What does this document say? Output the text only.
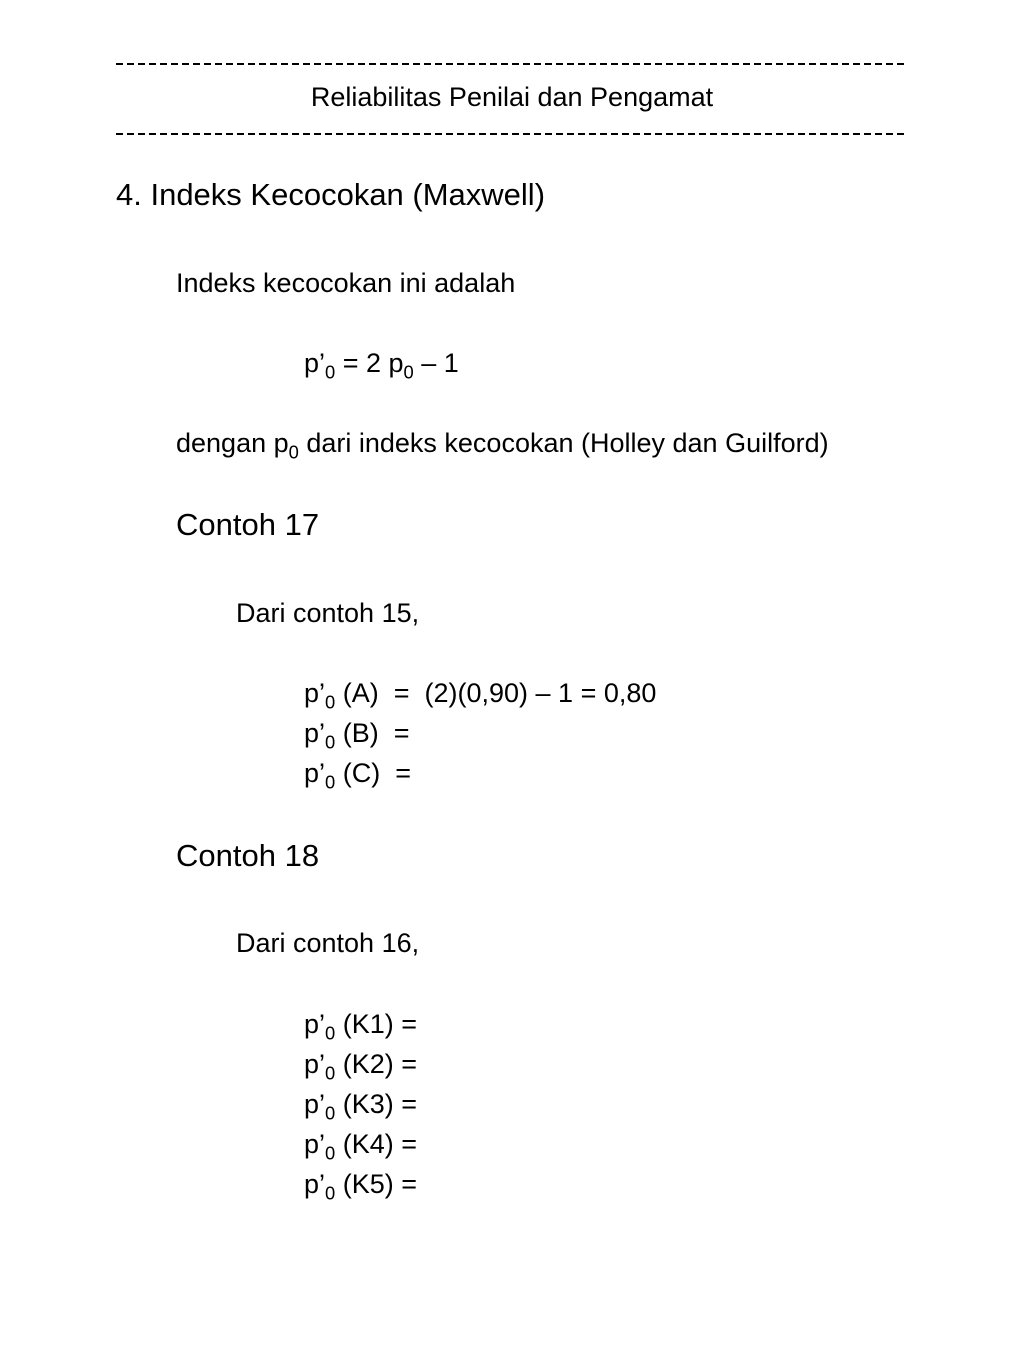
Reliabilitas Penilai dan Pengamat
4. Indeks Kecocokan (Maxwell)
Indeks kecocokan ini adalah
$p’_0 = 2$ $p_0 - 1$
dengan $p_0$ dari indeks kecocokan (Holley dan Guilford)
Contoh 17
Dari contoh 15,
$p’_0$ (A)  =  (2)(0,90) – 1 = 0,80
$p’_0$ (B)  =
$p’_0$ (C)  =
Contoh 18
Dari contoh 16,
$p’_0$ (K1) =
$p’_0$ (K2) =
$p’_0$ (K3) =
$p’_0$ (K4) =
$p’_0$ (K5) =
